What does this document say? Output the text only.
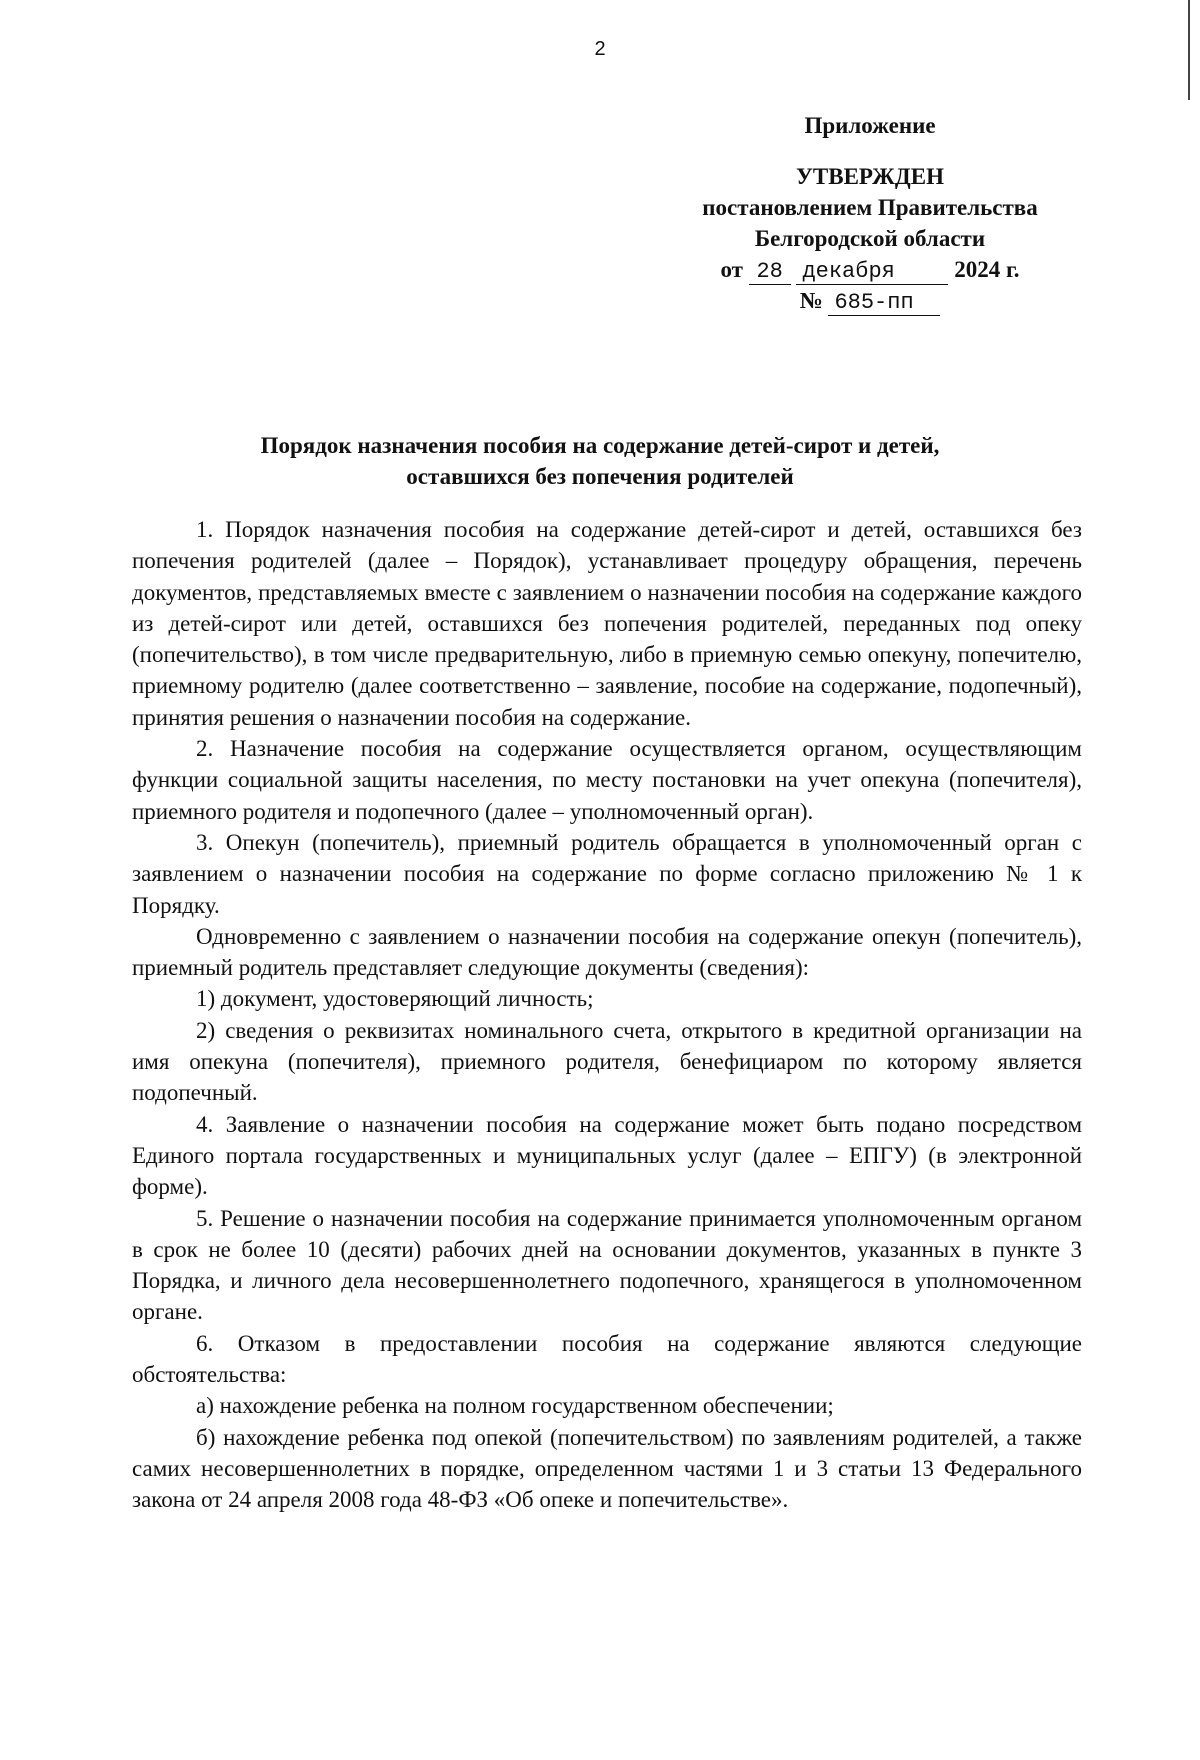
2
Приложение
УТВЕРЖДЕН
постановлением Правительства
Белгородской области
от 28 декабря	2024 г.
№ 685-пп
Порядок назначения пособия на содержание детей-сирот и детей,
оставшихся без попечения родителей

1. Порядок назначения пособия на содержание детей-сирот и детей, оставшихся без попечения родителей (далее – Порядок), устанавливает процедуру обращения, перечень документов, представляемых вместе с заявлением о назначении пособия на содержание каждого из детей-сирот или детей, оставшихся без попечения родителей, переданных под опеку (попечительство), в том числе предварительную, либо в приемную семью опекуну, попечителю, приемному родителю (далее соответственно – заявление, пособие на содержание, подопечный), принятия решения о назначении пособия на содержание.

2. Назначение пособия на содержание осуществляется органом, осуществляющим функции социальной защиты населения, по месту постановки на учет опекуна (попечителя), приемного родителя и подопечного (далее – уполномоченный орган).

3. Опекун (попечитель), приемный родитель обращается в уполномоченный орган с заявлением о назначении пособия на содержание по форме согласно приложению № 1 к Порядку.

Одновременно с заявлением о назначении пособия на содержание опекун (попечитель), приемный родитель представляет следующие документы (сведения):

1) документ, удостоверяющий личность;

2) сведения о реквизитах номинального счета, открытого в кредитной организации на имя опекуна (попечителя), приемного родителя, бенефициаром по которому является подопечный.

4. Заявление о назначении пособия на содержание может быть подано посредством Единого портала государственных и муниципальных услуг (далее – ЕПГУ) (в электронной форме).

5. Решение о назначении пособия на содержание принимается уполномоченным органом в срок не более 10 (десяти) рабочих дней на основании документов, указанных в пункте 3 Порядка, и личного дела несовершеннолетнего подопечного, хранящегося в уполномоченном органе.

6. Отказом в предоставлении пособия на содержание являются следующие обстоятельства:

а) нахождение ребенка на полном государственном обеспечении;

б) нахождение ребенка под опекой (попечительством) по заявлениям родителей, а также самих несовершеннолетних в порядке, определенном частями 1 и 3 статьи 13 Федерального закона от 24 апреля 2008 года 48-ФЗ «Об опеке и попечительстве».
